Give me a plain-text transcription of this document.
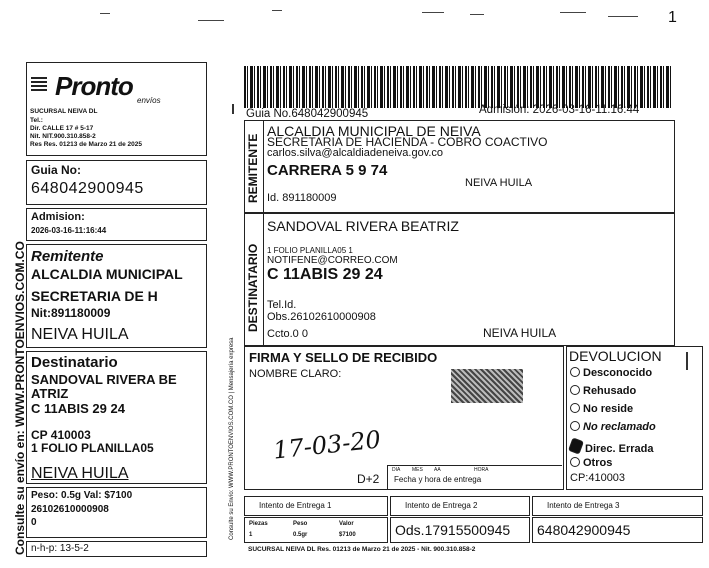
1
Consulte su envío en: WWW.PRONTOENVIOS.COM.CO
Pronto envíos
SUCURSAL NEIVA DL
Tel.:
Dir. CALLE 17 # 5-17
Nit. NIT.900.310.858-2
Res Res. 01213 de Marzo 21 de 2025
Guia No:
648042900945
Admision:
2026-03-16-11:16:44
Remitente
ALCALDIA MUNICIPAL
SECRETARIA DE H
Nit:891180009
NEIVA HUILA
Destinatario
SANDOVAL RIVERA BE
ATRIZ
C 11ABIS 29 24
CP 410003
1 FOLIO PLANILLA05
NEIVA HUILA
Peso: 0.5g Val: $7100
26102610000908
0
n-h-p: 13-5-2
Guia No.648042900945	Admisión: 2026-03-16-11:16:44
REMITENTE
ALCALDIA MUNICIPAL DE NEIVA
SECRETARIA DE HACIENDA - COBRO COACTIVO
carlos.silva@alcaldiadeneiva.gov.co
CARRERA 5 9 74
NEIVA HUILA
Id. 891180009
DESTINATARIO
SANDOVAL RIVERA BEATRIZ
1 FOLIO PLANILLA05 1
NOTIFENE@CORREO.COM
C 11ABIS 29 24
Tel.Id.
Obs.26102610000908
Ccto.0 0	NEIVA HUILA
Consulte su Envío: WWW.PRONTOENVIOS.COM.CO | Mensajería expresa FIRMA Y SELLO DE RECIBIDO
NOMBRE CLARO:
17-03-20
D+2
DIA MES AA	HORA
Fecha y hora de entrega
DEVOLUCION
Desconocido
Rehusado
No reside
No reclamado
Direc. Errada
Otros
CP:410003
Intento de Entrega 1	Intento de Entrega 2	Intento de Entrega 3
Piezas	Peso	Valor
1	0.5gr	$7100	Ods.17915500945 648042900945
SUCURSAL NEIVA DL Res. 01213 de Marzo 21 de 2025 - Nit. 900.310.858-2
